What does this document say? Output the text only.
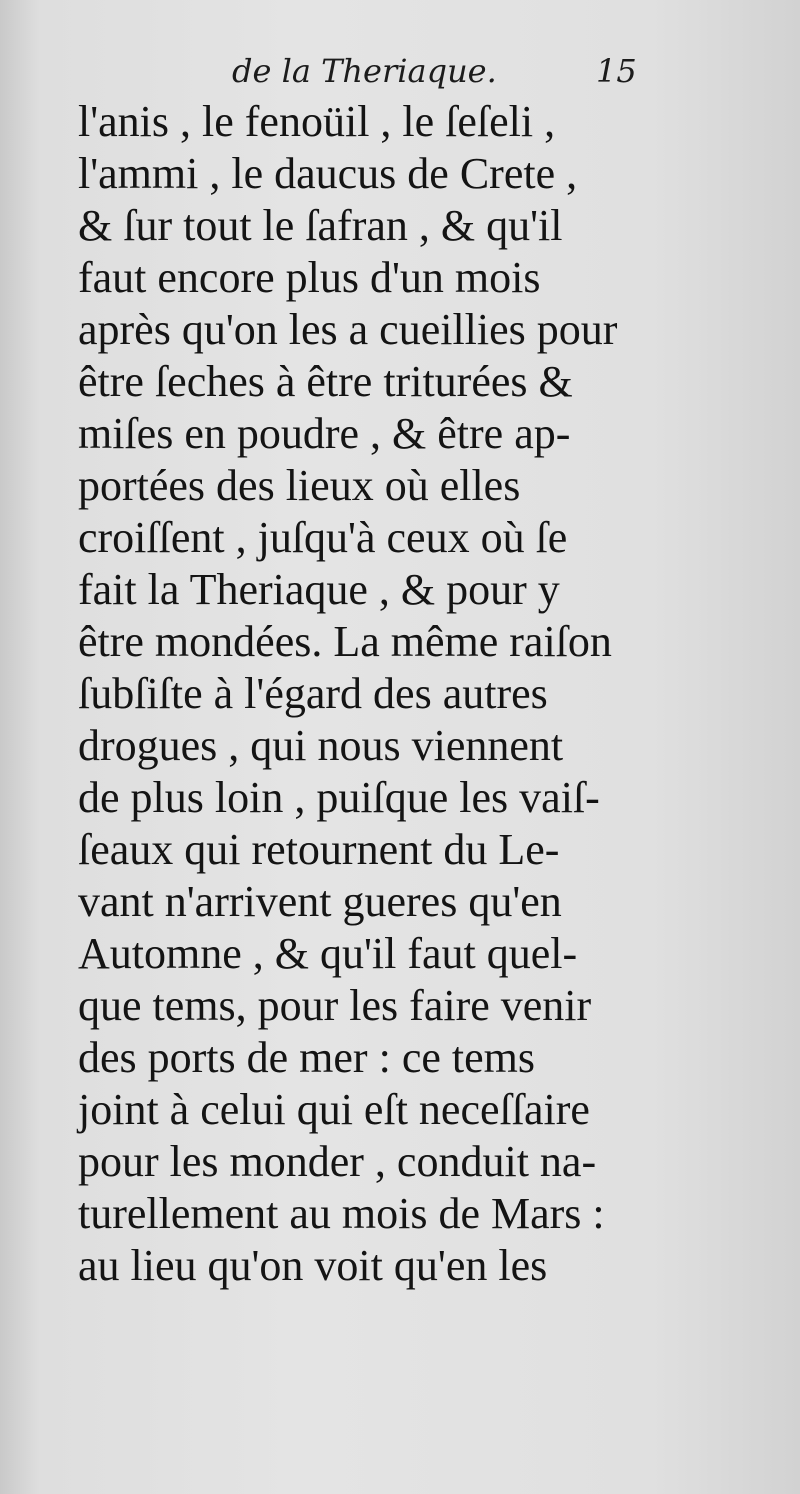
de la Theriaque.	15
l'anis , le fenoüil , le ſeſeli ,
l'ammi , le daucus de Crete ,
& ſur tout le ſafran , & qu'il
faut encore plus d'un mois
après qu'on les a cueillies pour
être ſeches à être triturées &
miſes en poudre , & être ap-
portées des lieux où elles
croiſſent , juſqu'à ceux où ſe
fait la Theriaque , & pour y
être mondées. La même raiſon
ſubſiſte à l'égard des autres
drogues , qui nous viennent
de plus loin , puiſque les vaiſ-
ſeaux qui retournent du Le-
vant n'arrivent gueres qu'en
Automne , & qu'il faut quel-
que tems, pour les faire venir
des ports de mer : ce tems
joint à celui qui eſt neceſſaire
pour les monder , conduit na-
turellement au mois de Mars :
au lieu qu'on voit qu'en les
